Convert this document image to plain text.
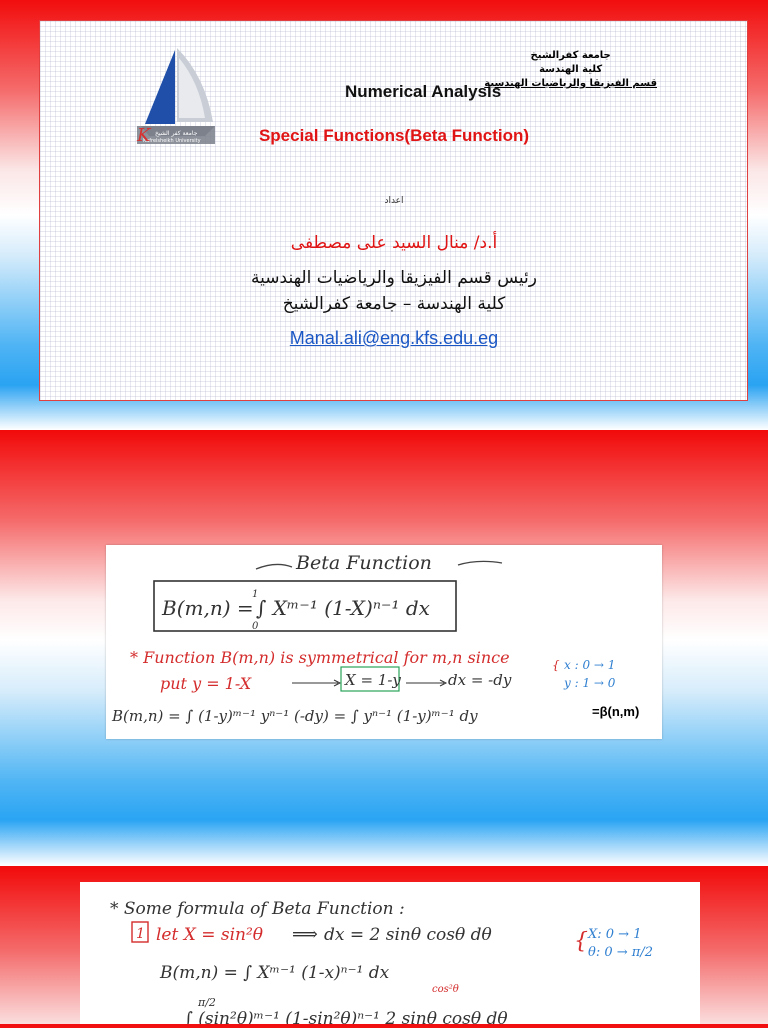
جامعة كفر الشيخ
Kafrelsheikh University
K
Numerical Analysis
جامعة كفرالشيخ
كلية الهندسة
قسم الفيزيقا والرياضيات الهندسية
Special Functions(Beta Function)
اعداد
أ.د/ منال السيد على مصطفى
رئيس قسم الفيزيقا والرياضيات الهندسية
كلية الهندسة – جامعة كفرالشيخ
Manal.ali@eng.kfs.edu.eg
Beta Function
B(m,n) =
1
0
∫ Xᵐ⁻¹ (1-X)ⁿ⁻¹ dx
* Function B(m,n) is symmetrical for m,n since
put y = 1-X	X = 1-y	dx = -dy
{ x : 0 → 1
y : 1 → 0
B(m,n) = ∫ (1-y)ᵐ⁻¹ yⁿ⁻¹ (-dy) = ∫ yⁿ⁻¹ (1-y)ᵐ⁻¹ dy	=β(n,m)
* Some formula of Beta Function :
1 let X = sin²θ ⟹ dx = 2 sinθ cosθ dθ	{ X: 0 → 1
θ: 0 → π/2
B(m,n) = ∫ Xᵐ⁻¹ (1-x)ⁿ⁻¹ dx
cos²θ
π/2
∫ (sin²θ)ᵐ⁻¹ (1-sin²θ)ⁿ⁻¹ 2 sinθ cosθ dθ
